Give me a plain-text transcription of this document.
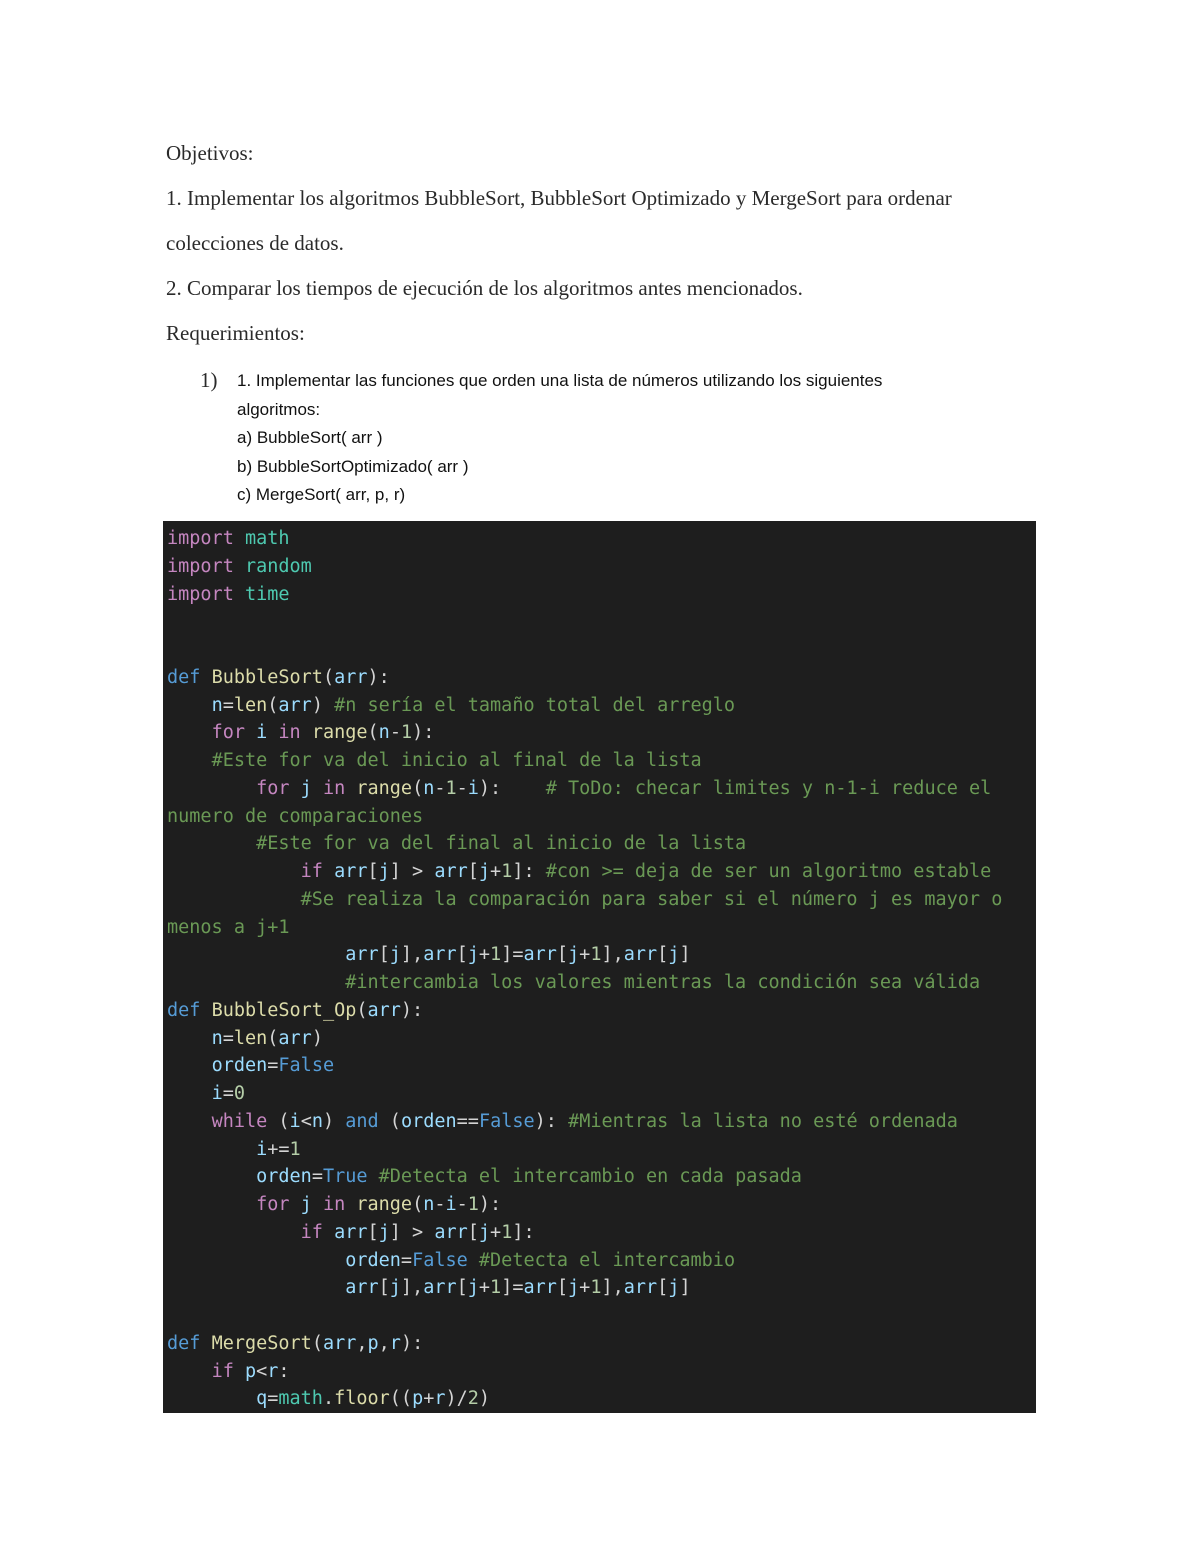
Objetivos:

1. Implementar los algoritmos BubbleSort, BubbleSort Optimizado y MergeSort para ordenar

colecciones de datos.

2. Comparar los tiempos de ejecución de los algoritmos antes mencionados.

Requerimientos:

1) 1. Implementar las funciones que orden una lista de números utilizando los siguientes
algoritmos:
a) BubbleSort( arr )
b) BubbleSortOptimizado( arr )
c) MergeSort( arr, p, r)
import math
import random
import time
def BubbleSort(arr):
n=len(arr) #n sería el tamaño total del arreglo
for i in range(n-1):
#Este for va del inicio al final de la lista
for j in range(n-1-i):    # ToDo: checar limites y n-1-i reduce el
numero de comparaciones
#Este for va del final al inicio de la lista
if arr[j] > arr[j+1]: #con >= deja de ser un algoritmo estable
#Se realiza la comparación para saber si el número j es mayor o
menos a j+1
arr[j],arr[j+1]=arr[j+1],arr[j]
#intercambia los valores mientras la condición sea válida
def BubbleSort_Op(arr):
n=len(arr)
orden=False
i=0
while (i<n) and (orden==False): #Mientras la lista no esté ordenada
i+=1
orden=True #Detecta el intercambio en cada pasada
for j in range(n-i-1):
if arr[j] > arr[j+1]:
orden=False #Detecta el intercambio
arr[j],arr[j+1]=arr[j+1],arr[j]
def MergeSort(arr,p,r):
if p<r:
q=math.floor((p+r)/2)
